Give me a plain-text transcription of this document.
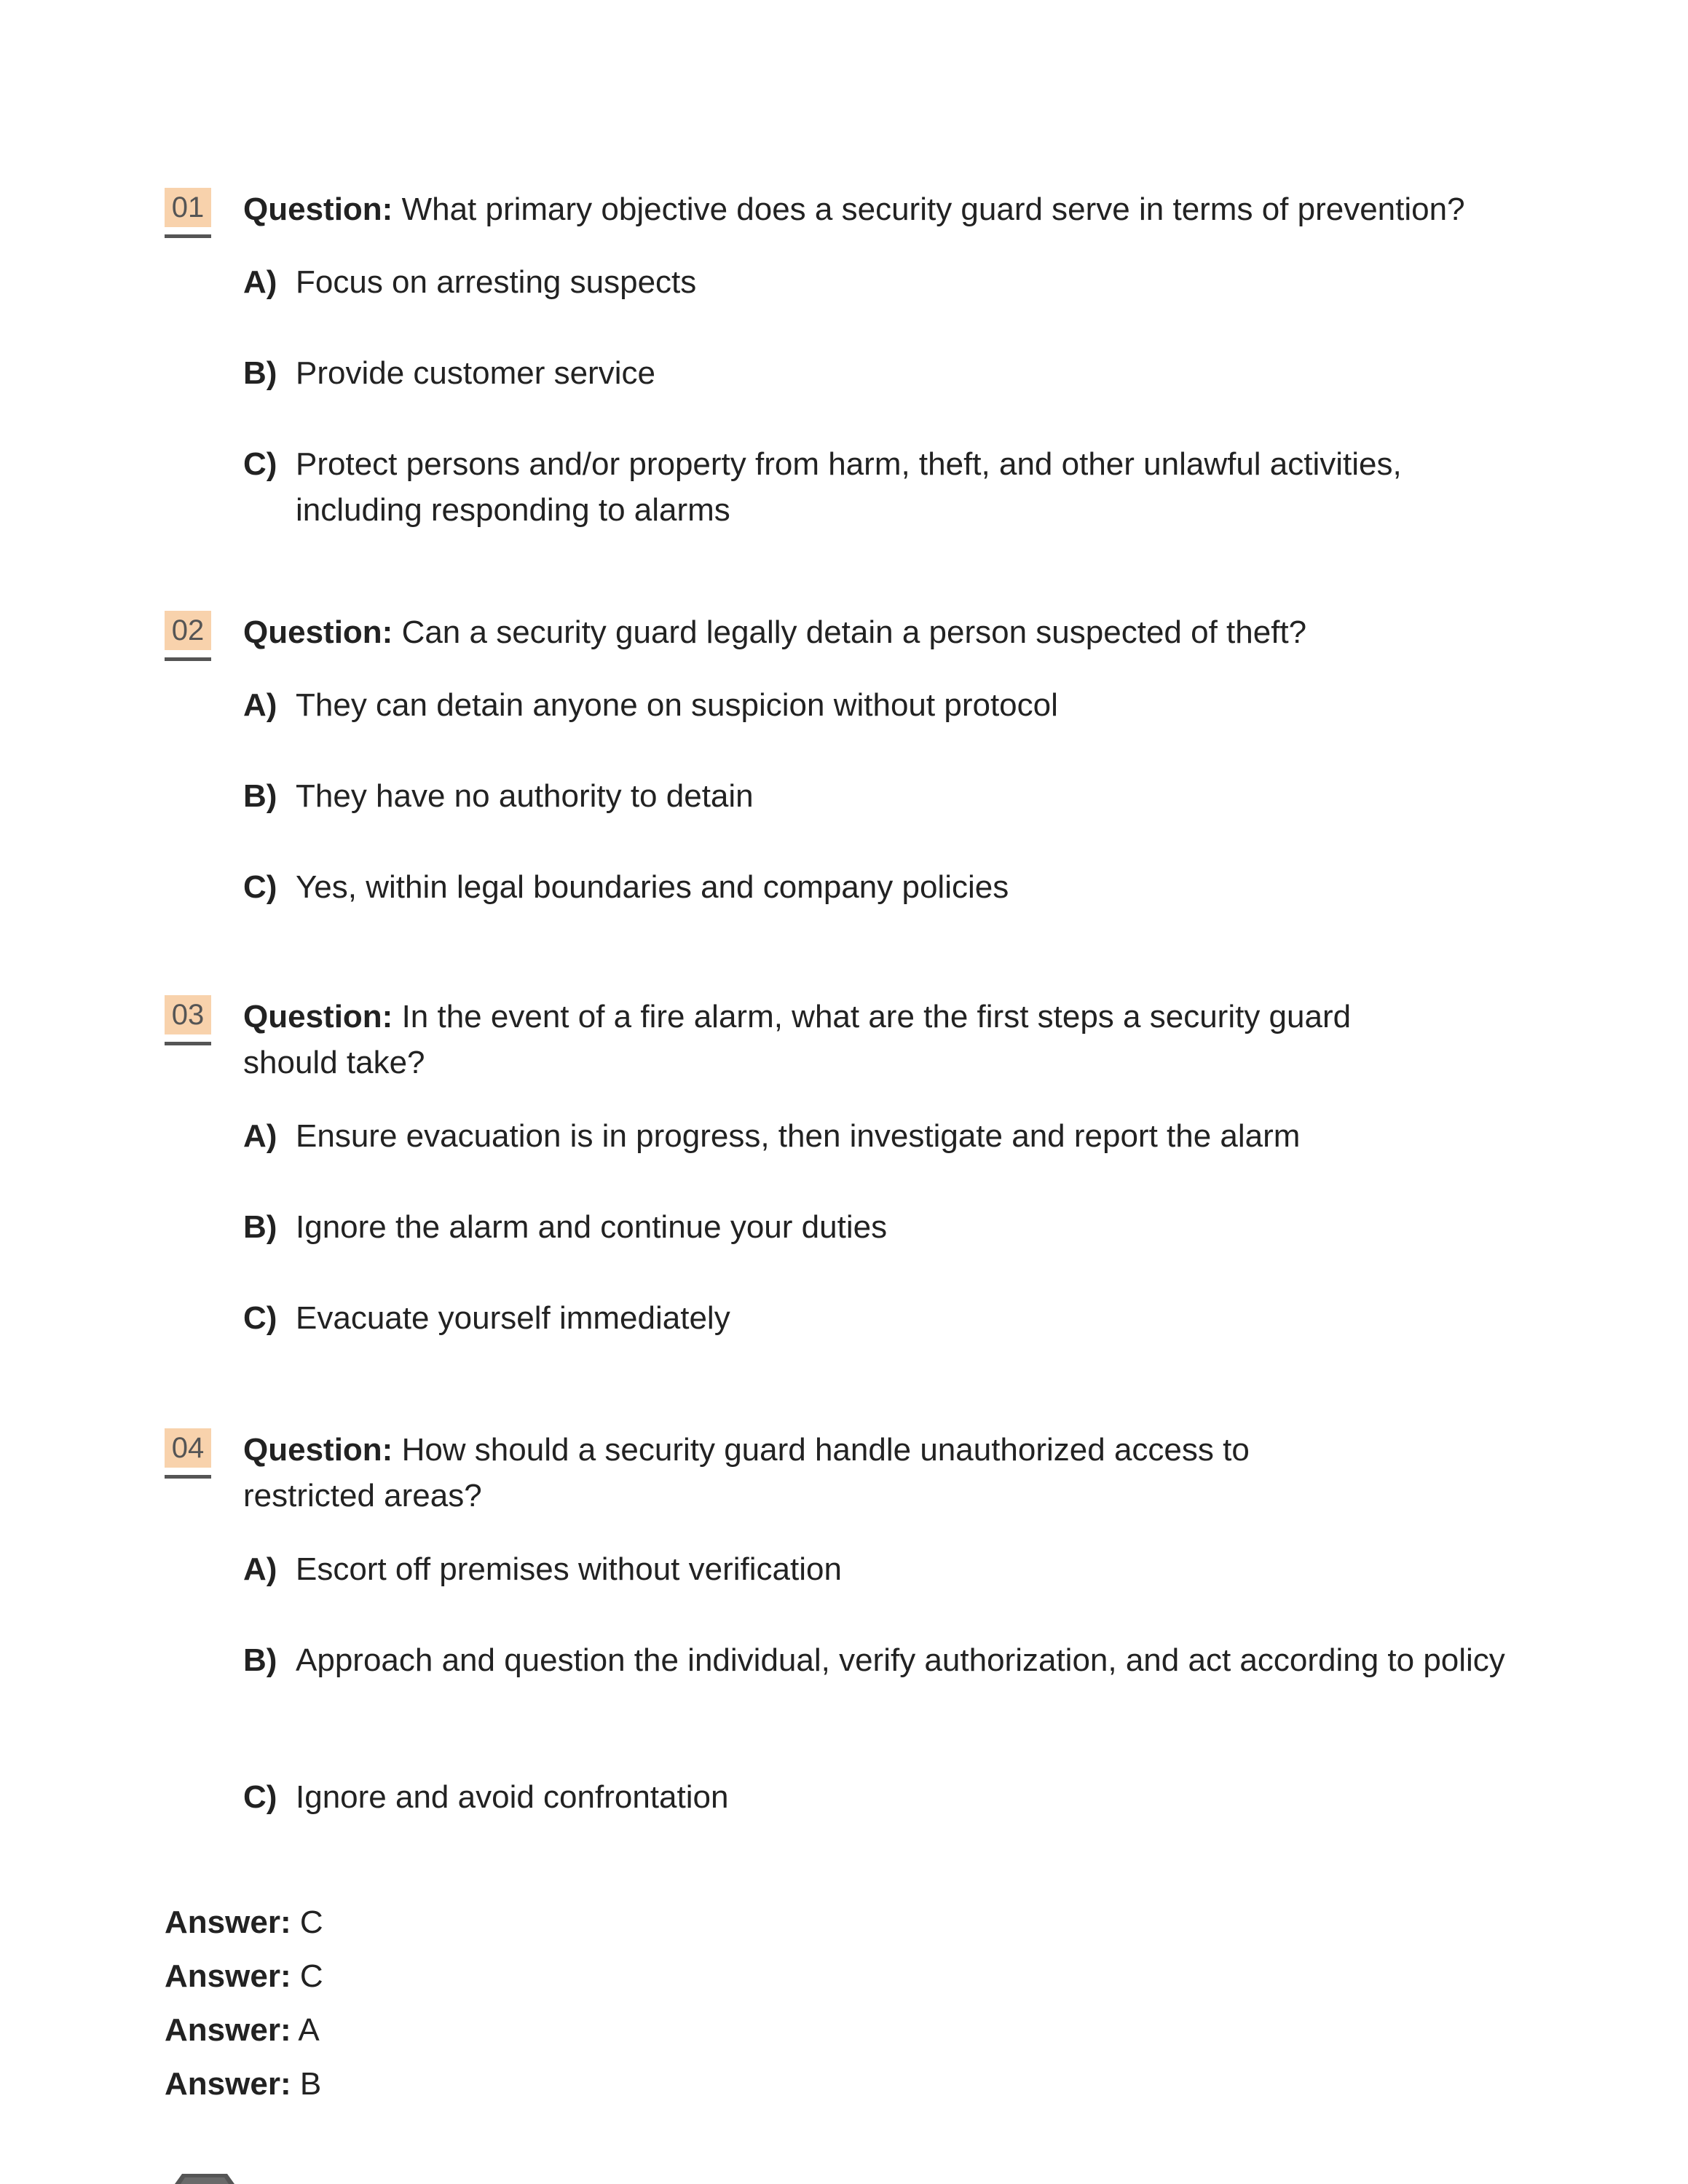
01 Question: What primary objective does a security guard serve in terms of prevention?
A) Focus on arresting suspects
B) Provide customer service
C) Protect persons and/or property from harm, theft, and other unlawful activities, including responding to alarms
02 Question: Can a security guard legally detain a person suspected of theft?
A) They can detain anyone on suspicion without protocol
B) They have no authority to detain
C) Yes, within legal boundaries and company policies
03 Question: In the event of a fire alarm, what are the first steps a security guard should take?
A) Ensure evacuation is in progress, then investigate and report the alarm
B) Ignore the alarm and continue your duties
C) Evacuate yourself immediately
04 Question: How should a security guard handle unauthorized access to restricted areas?
A) Escort off premises without verification
B) Approach and question the individual, verify authorization, and act according to policy
C) Ignore and avoid confrontation
Answer: C
Answer: C
Answer: A
Answer: B
